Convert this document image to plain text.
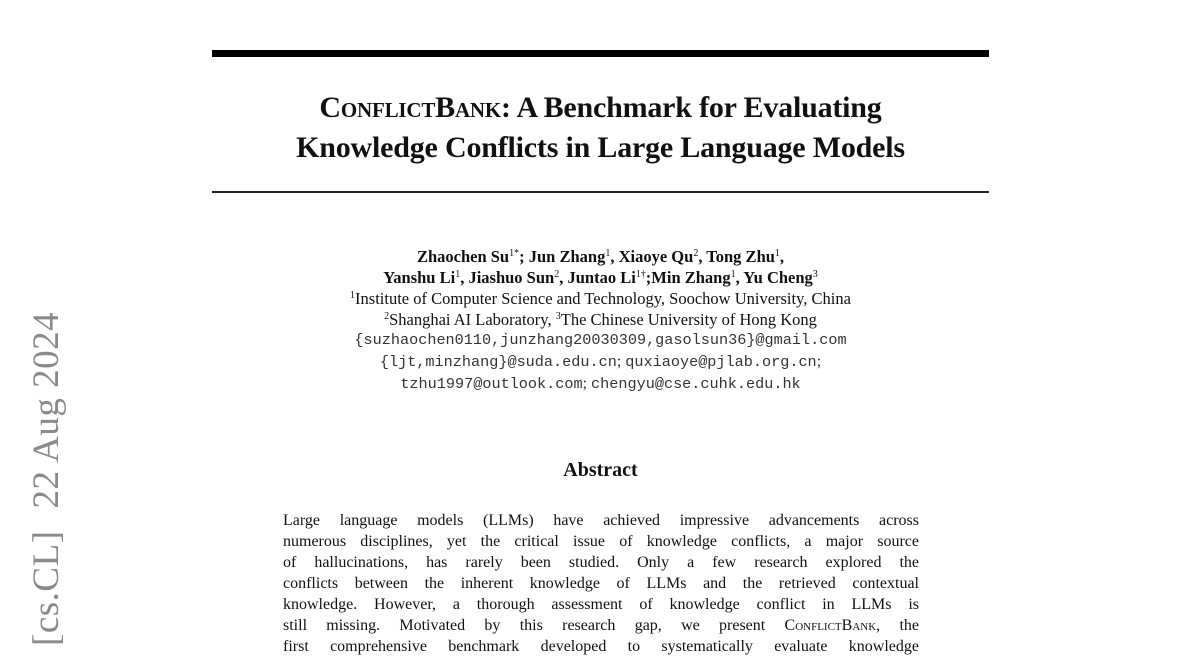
[cs.CL]22 Aug 2024
ConflictBank: A Benchmark for Evaluating
Knowledge Conflicts in Large Language Models
Zhaochen $Su^{1*}$; Jun Zhang$^1$, Xiaoye Qu$^2$, Tong Zhu$^1$,
Yanshu Li$^1$, Jiashuo Sun$^2$, Juntao $Li^{1\dagger};Min$ Zhang$^1$, Yu Cheng$^3$
$^1$Institute of Computer Science and Technology, Soochow University, China
$^2$Shanghai AI Laboratory, $^3$The Chinese University of Hong Kong
{suzhaochen0110,junzhang20030309,gasolsun36}@gmail.com
{ljt,minzhang}@suda.edu.cn; quxiaoye@pjlab.org.cn;
tzhu1997@outlook.com; chengyu@cse.cuhk.edu.hk
Abstract
Large language models (LLMs) have achieved impressive advancements across
numerous disciplines, yet the critical issue of knowledge conflicts, a major source
of hallucinations, has rarely been studied. Only a few research explored the
conflicts between the inherent knowledge of LLMs and the retrieved contextual
knowledge. However, a thorough assessment of knowledge conflict in LLMs is
still missing. Motivated by this research gap, we present ConflictBank, the
first comprehensive benchmark developed to systematically evaluate knowledge
